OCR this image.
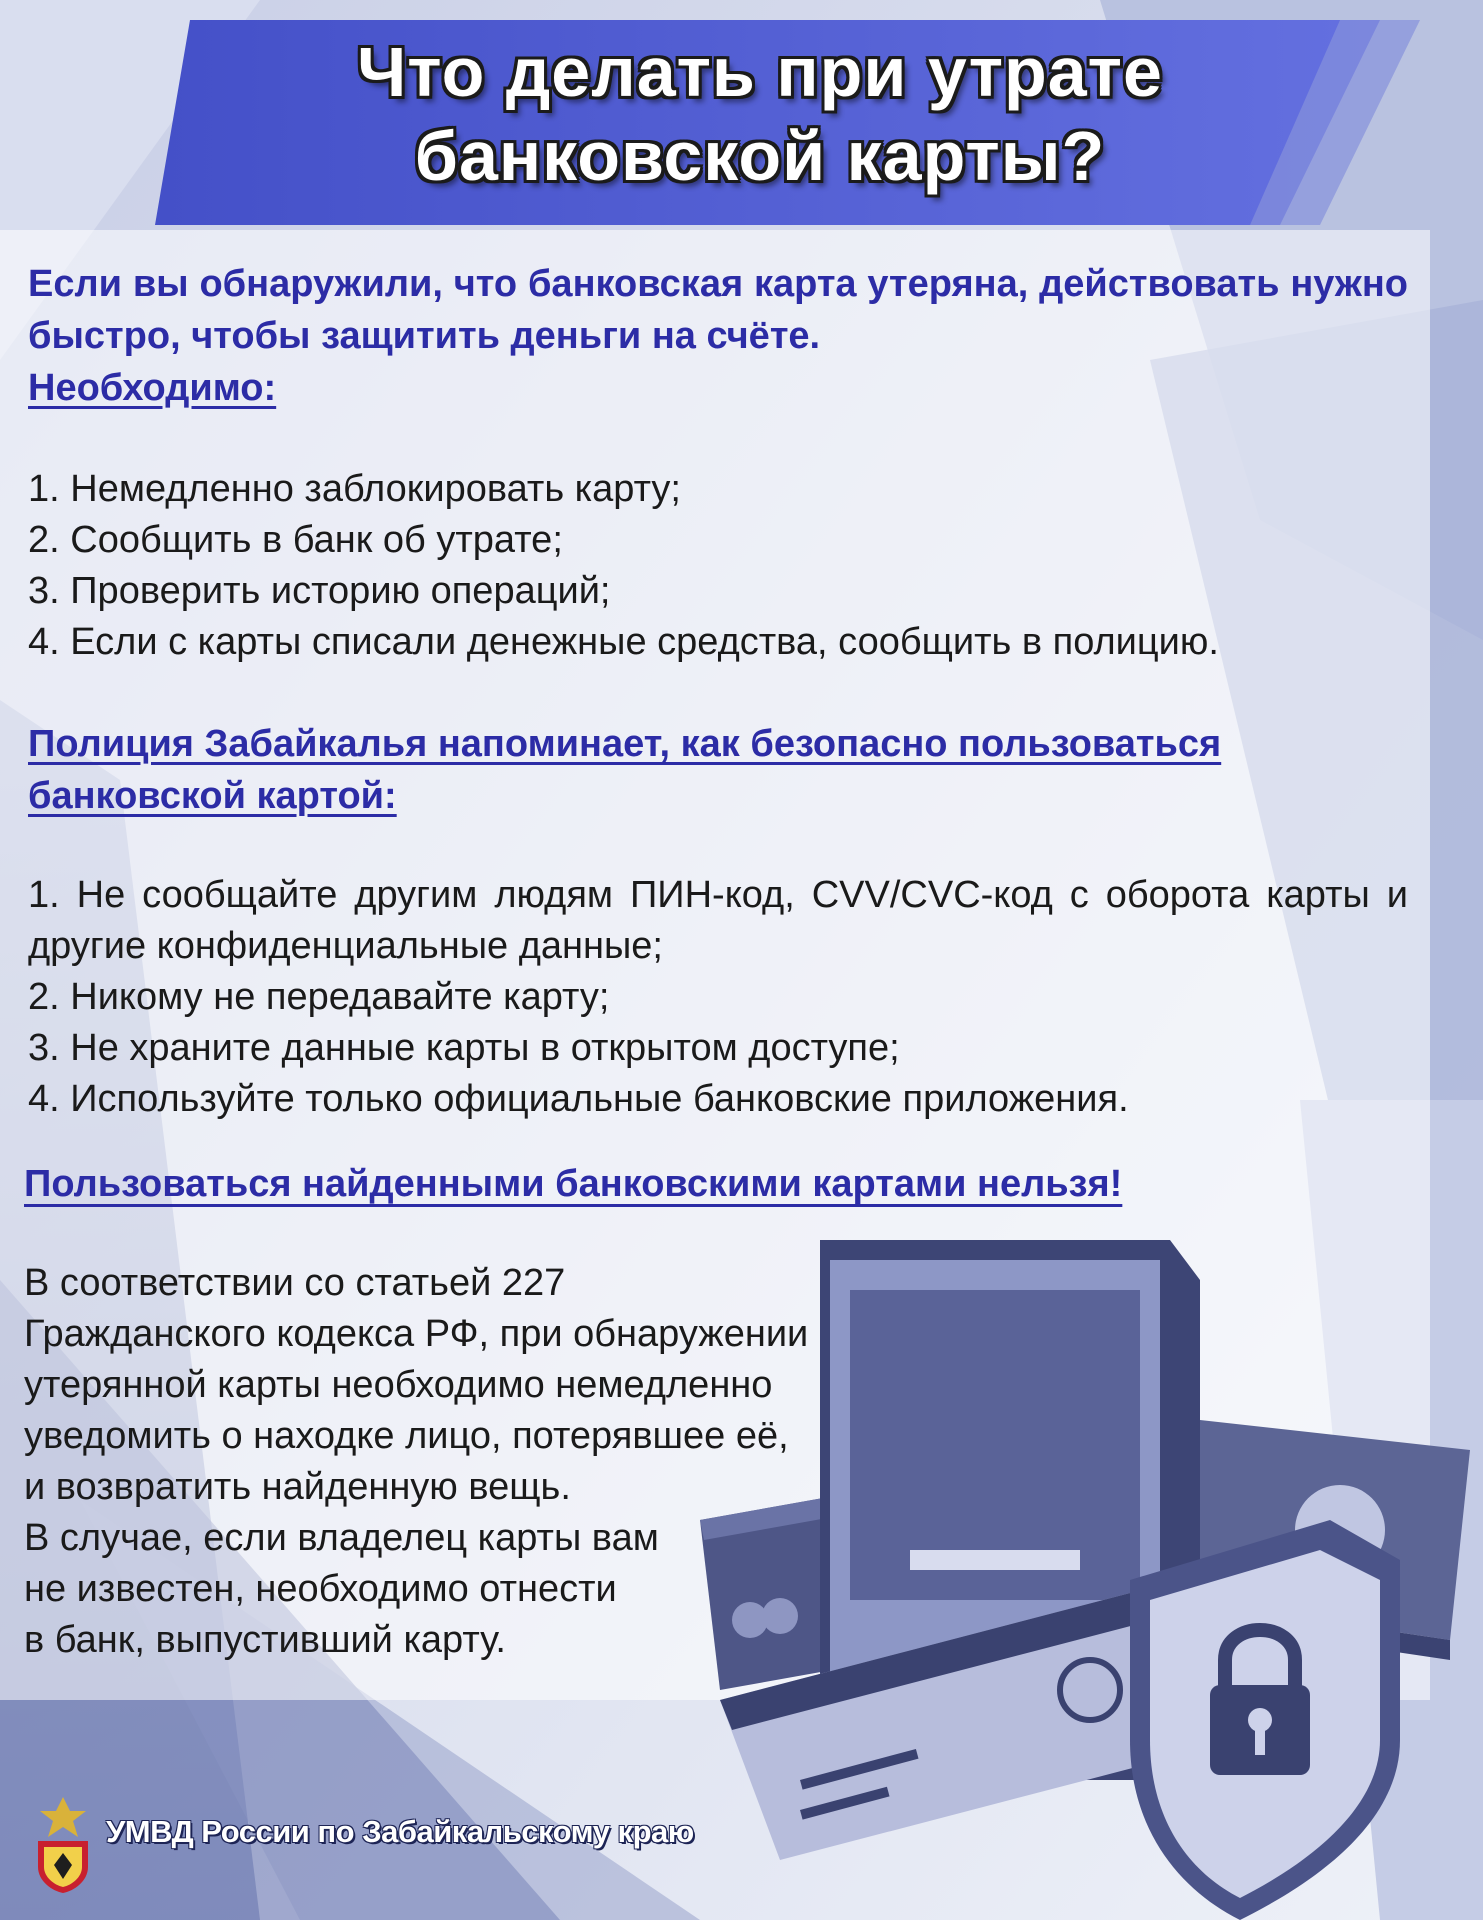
Что делать при утрате
банковской карты?
Если вы обнаружили, что банковская карта утеряна, действовать нужно быстро, чтобы защитить деньги на счёте.
Необходимо:
1. Немедленно заблокировать карту;
2. Сообщить в банк об утрате;
3. Проверить историю операций;
4. Если с карты списали денежные средства, сообщить в полицию.
Полиция Забайкалья напоминает, как безопасно пользоваться банковской картой:
1. Не сообщайте другим людям ПИН-код, CVV/CVC-код с оборота карты и другие конфиденциальные данные;
2. Никому не передавайте карту;
3. Не храните данные карты в открытом доступе;
4. Используйте только официальные банковские приложения.
Пользоваться найденными банковскими картами нельзя!
В соответствии со статьей 227
Гражданского кодекса РФ, при обнаружении
утерянной карты необходимо немедленно
уведомить о находке лицо, потерявшее её,
и возвратить найденную вещь.
В случае, если владелец карты вам
не известен, необходимо отнести
в банк, выпустивший карту.
УМВД России по Забайкальскому краю
